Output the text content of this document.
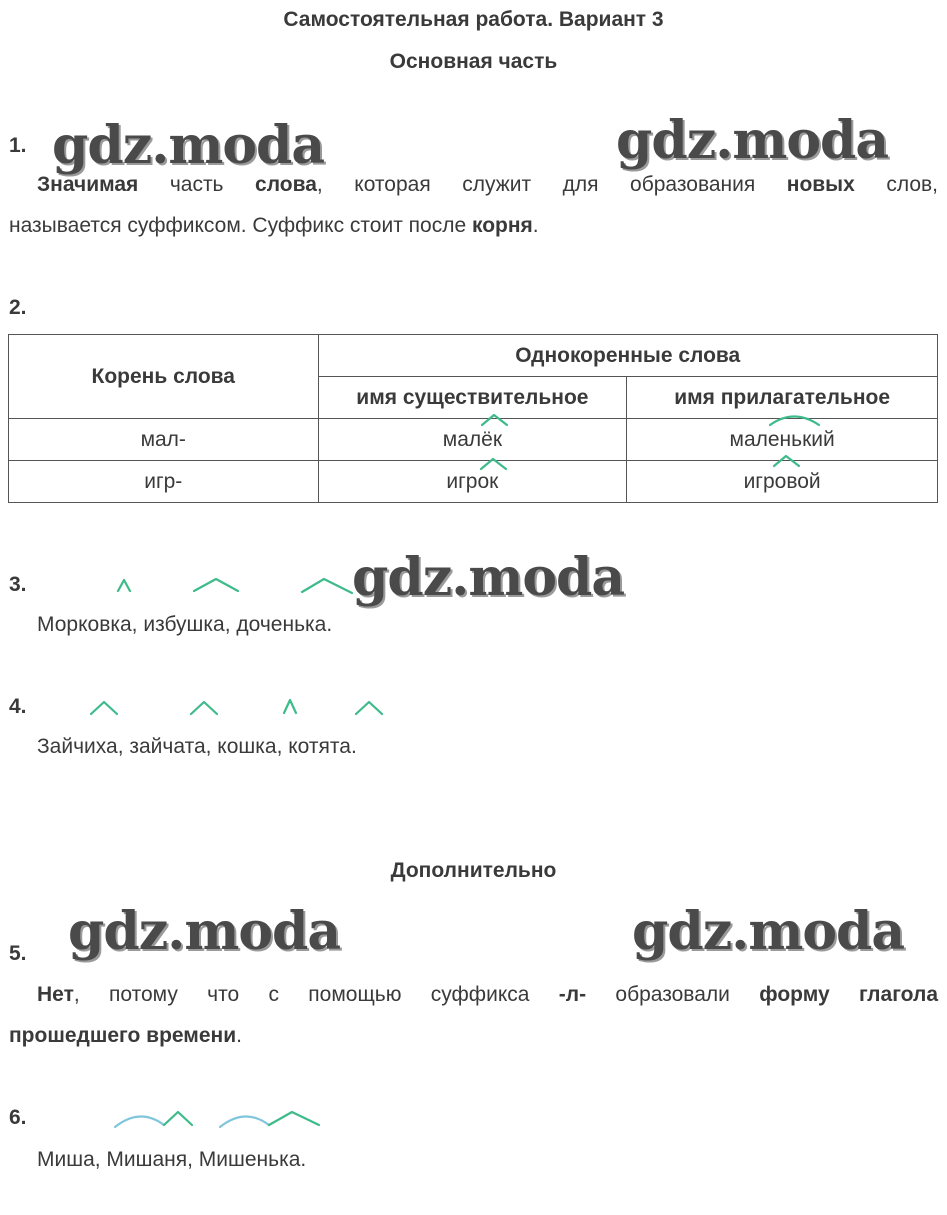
Самостоятельная работа. Вариант 3
Основная часть
gdz.moda	gdz.moda
gdz.moda
gdz.moda	gdz.moda
1.
Значимая часть слова, которая служит для образования новых слов,
называется суффиксом. Суффикс стоит после корня.
2.
Корень слова	Однокоренные слова	
	имя существительное	имя прилагательное
мал-	малёк	маленький
игр-	игрок	игровой
3.
Морковка, избушка, доченька.
4.
Зайчиха, зайчата, кошка, котята.
Дополнительно
5.
Нет, потому что с помощью суффикса -л- образовали форму глагола
прошедшего времени.
6.
Миша, Мишаня, Мишенька.
